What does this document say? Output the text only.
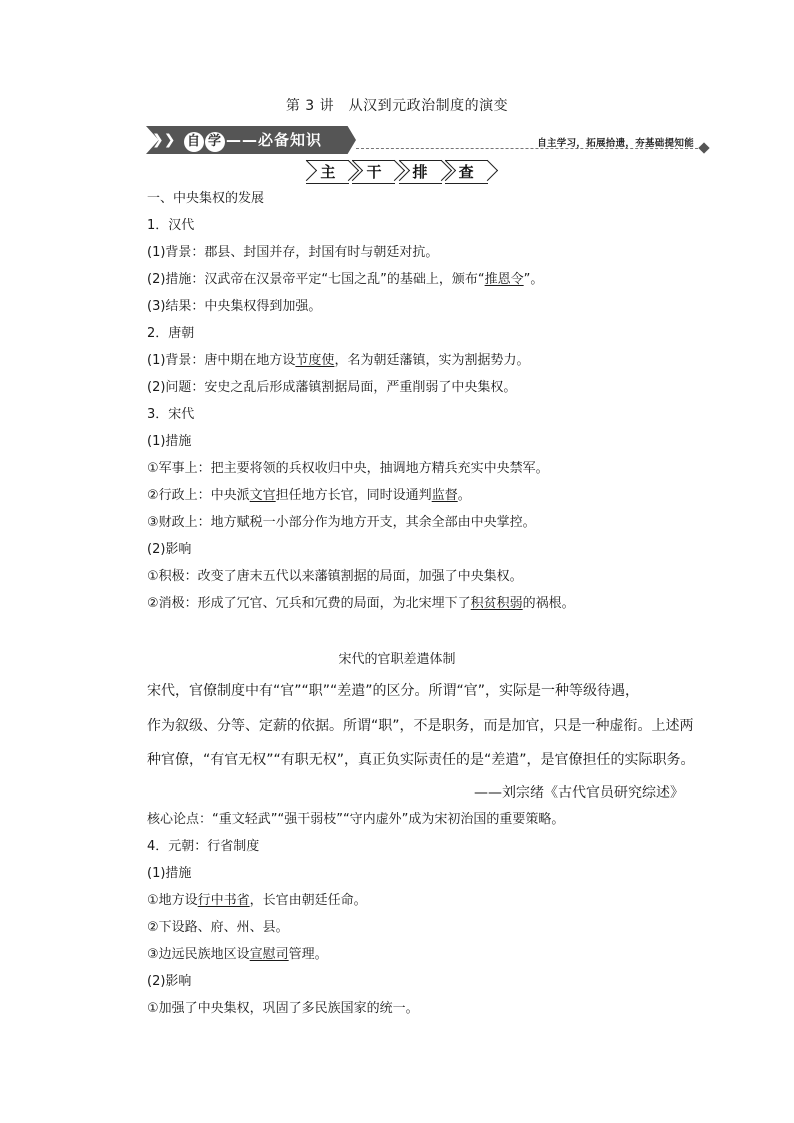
第 3 讲　从汉到元政治制度的演变
❯❯ 自 学 ——必备知识	自主学习，拓展拾遗，夯基础提知能
主 干 排 查
一、中央集权的发展
1．汉代
(1)背景：郡县、封国并存，封国有时与朝廷对抗。
(2)措施：汉武帝在汉景帝平定“七国之乱”的基础上，颁布“推恩令”。
(3)结果：中央集权得到加强。
2．唐朝
(1)背景：唐中期在地方设节度使，名为朝廷藩镇，实为割据势力。
(2)问题：安史之乱后形成藩镇割据局面，严重削弱了中央集权。
3．宋代
(1)措施
①军事上：把主要将领的兵权收归中央，抽调地方精兵充实中央禁军。
②行政上：中央派文官担任地方长官，同时设通判监督。
③财政上：地方赋税一小部分作为地方开支，其余全部由中央掌控。
(2)影响
①积极：改变了唐末五代以来藩镇割据的局面，加强了中央集权。
②消极：形成了冗官、冗兵和冗费的局面，为北宋埋下了积贫积弱的祸根。
宋代的官职差遣体制
宋代，官僚制度中有“官”“职”“差遣”的区分。所谓“官”，实际是一种等级待遇，
作为叙级、分等、定薪的依据。所谓“职”，不是职务，而是加官，只是一种虚衔。上述两
种官僚，“有官无权”“有职无权”，真正负实际责任的是“差遣”，是官僚担任的实际职务。
——刘宗绪《古代官员研究综述》
核心论点：“重文轻武”“强干弱枝”“守内虚外”成为宋初治国的重要策略。
4．元朝：行省制度
(1)措施
①地方设行中书省，长官由朝廷任命。
②下设路、府、州、县。
③边远民族地区设宣慰司管理。
(2)影响
①加强了中央集权，巩固了多民族国家的统一。
